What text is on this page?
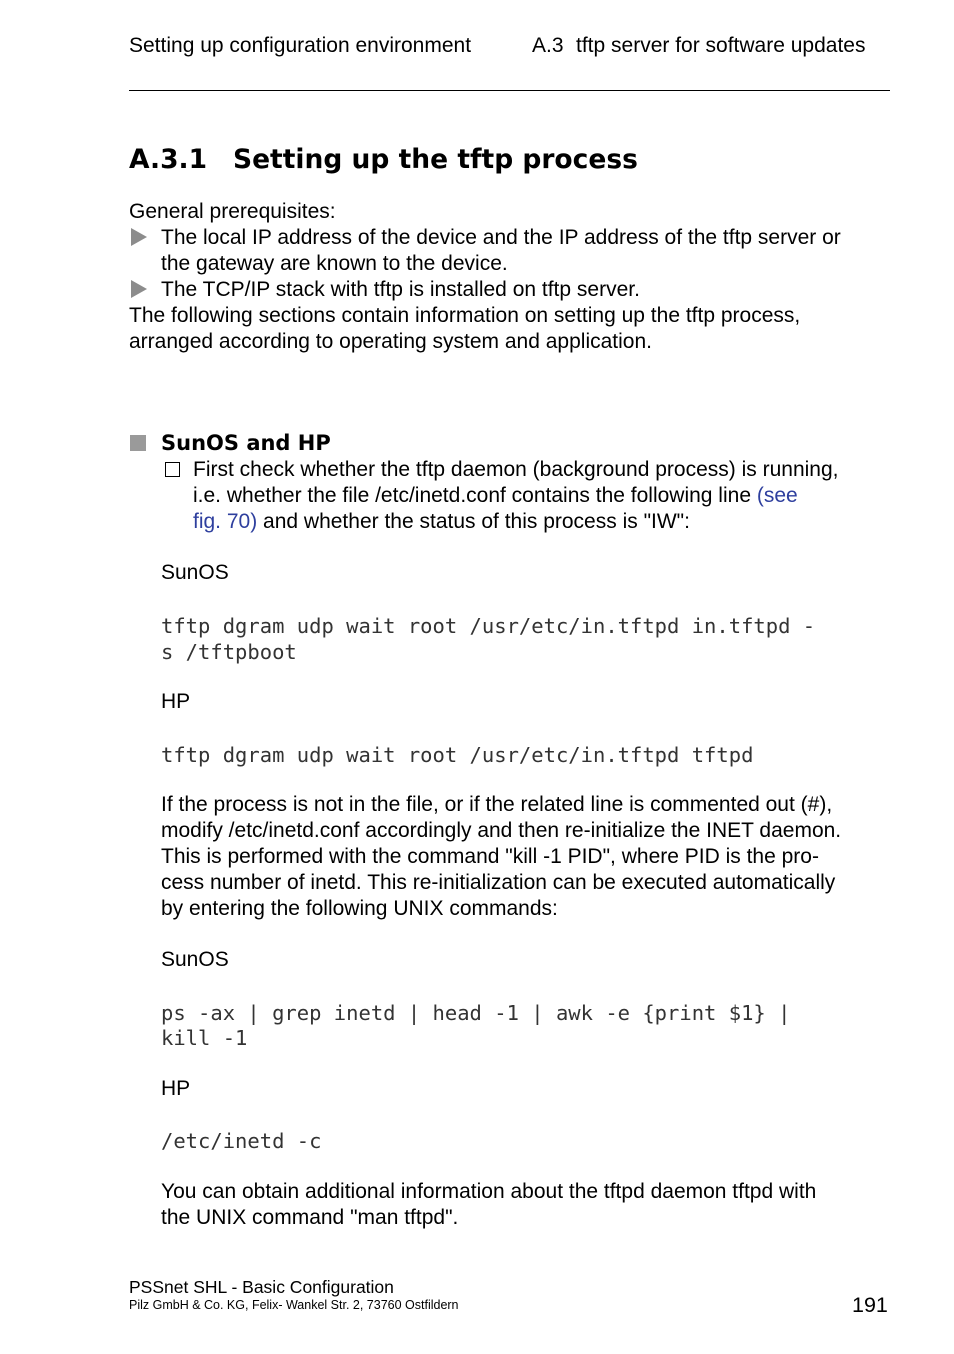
Setting up configuration environment	A.3 tftp server for software updates
A.3.1 Setting up the tftp process
General prerequisites:
The local IP address of the device and the IP address of the tftp server or
the gateway are known to the device.
The TCP/IP stack with tftp is installed on tftp server.
The following sections contain information on setting up the tftp process,
arranged according to operating system and application.
SunOS and HP
First check whether the tftp daemon (background process) is running,
i.e. whether the file /etc/inetd.conf contains the following line (see
fig. 70) and whether the status of this process is "IW":
SunOS
tftp dgram udp wait root /usr/etc/in.tftpd in.tftpd -
s /tftpboot
HP
tftp dgram udp wait root /usr/etc/in.tftpd tftpd
If the process is not in the file, or if the related line is commented out (#),
modify /etc/inetd.conf accordingly and then re-initialize the INET daemon.
This is performed with the command "kill -1 PID", where PID is the pro-
cess number of inetd. This re-initialization can be executed automatically
by entering the following UNIX commands:
SunOS
ps -ax | grep inetd | head -1 | awk -e {print $1} |
kill -1
HP
/etc/inetd -c
You can obtain additional information about the tftpd daemon tftpd with
the UNIX command "man tftpd".
PSSnet SHL - Basic Configuration
Pilz GmbH & Co. KG, Felix- Wankel Str. 2, 73760 Ostfildern	191
